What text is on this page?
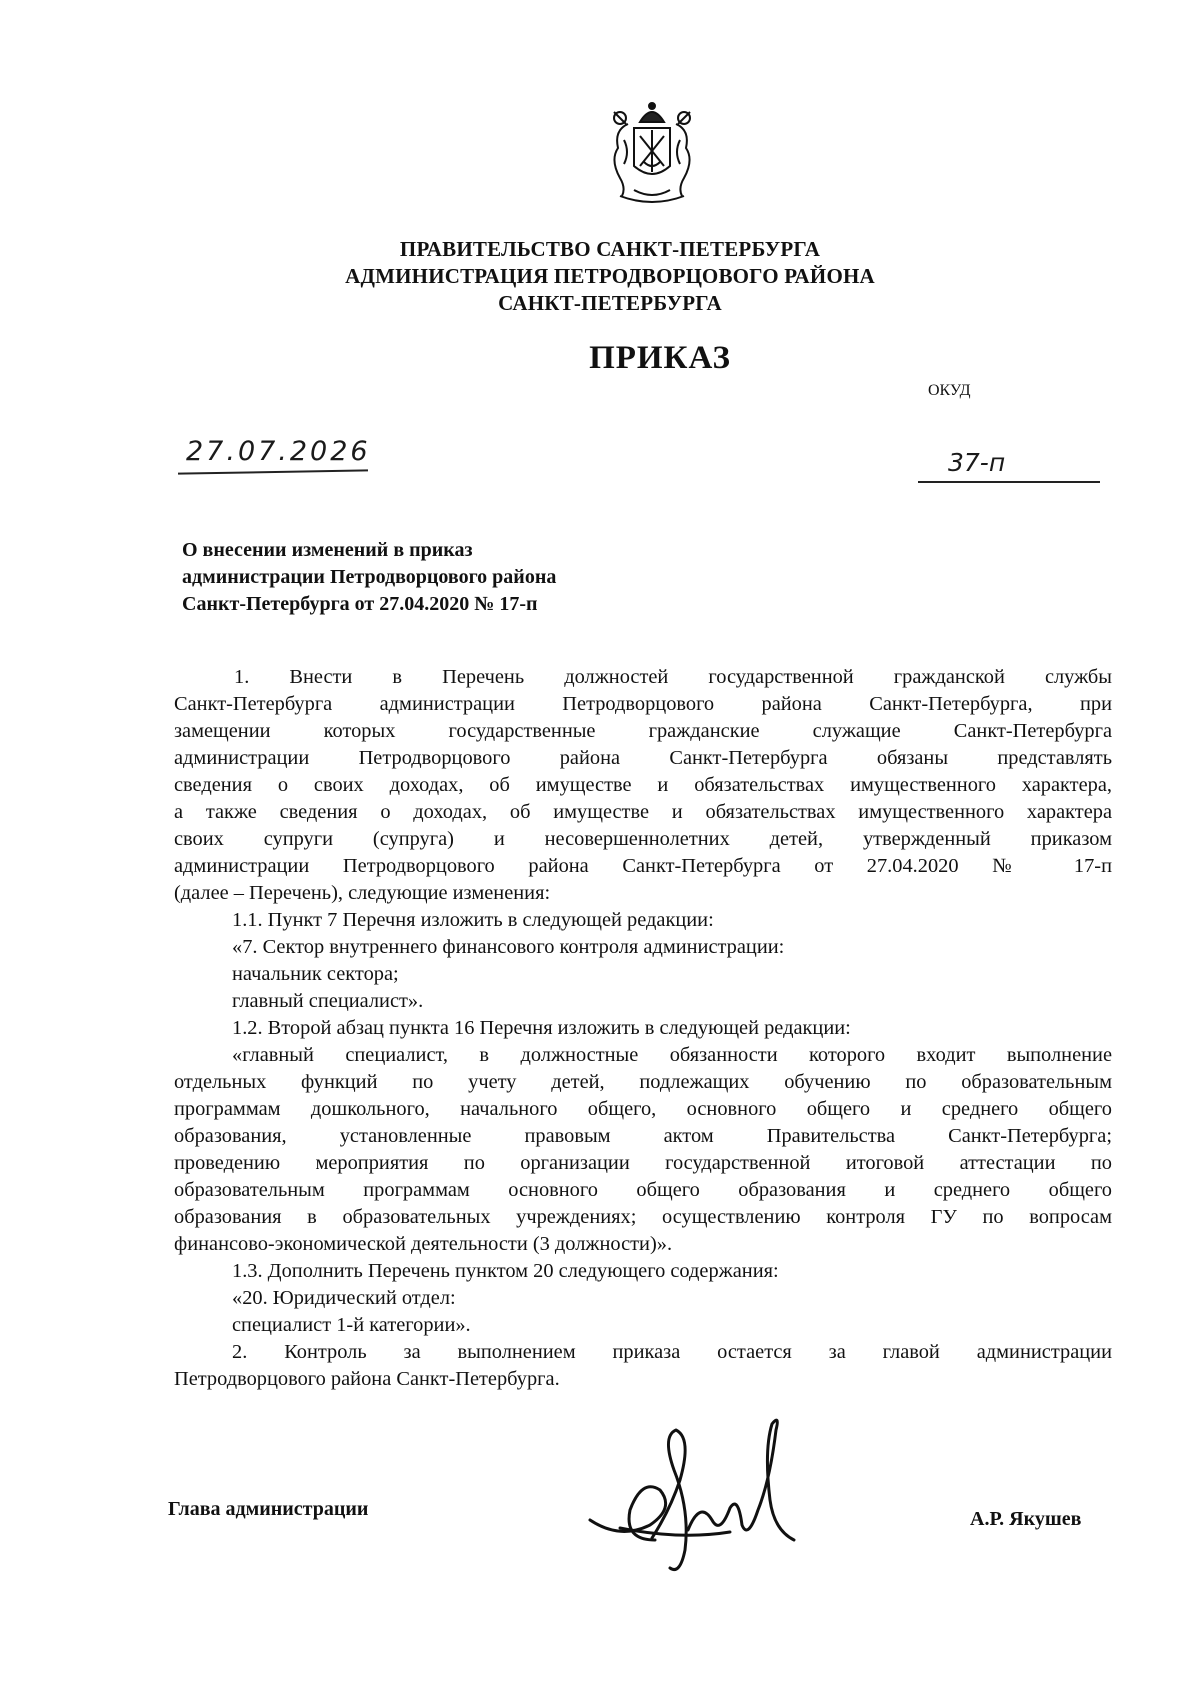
ПРАВИТЕЛЬСТВО САНКТ-ПЕТЕРБУРГА
АДМИНИСТРАЦИЯ ПЕТРОДВОРЦОВОГО РАЙОНА
САНКТ-ПЕТЕРБУРГА
ПРИКАЗ
ОКУД
27.07.2026	37-п
О внесении изменений в приказ
администрации Петродворцового района
Санкт-Петербурга от 27.04.2020 № 17-п
1. Внести в Перечень должностей государственной гражданской службы
Санкт-Петербурга администрации Петродворцового района Санкт-Петербурга, при
замещении которых государственные гражданские служащие Санкт-Петербурга
администрации Петродворцового района Санкт-Петербурга обязаны представлять
сведения о своих доходах, об имуществе и обязательствах имущественного характера,
а также сведения о доходах, об имуществе и обязательствах имущественного характера
своих супруги (супруга) и несовершеннолетних детей, утвержденный приказом
администрации Петродворцового района Санкт-Петербурга от 27.04.2020 № 17-п
(далее – Перечень), следующие изменения:
1.1. Пункт 7 Перечня изложить в следующей редакции:
«7. Сектор внутреннего финансового контроля администрации:
начальник сектора;
главный специалист».
1.2. Второй абзац пункта 16 Перечня изложить в следующей редакции:
«главный специалист, в должностные обязанности которого входит выполнение
отдельных функций по учету детей, подлежащих обучению по образовательным
программам дошкольного, начального общего, основного общего и среднего общего
образования, установленные правовым актом Правительства Санкт-Петербурга;
проведению мероприятия по организации государственной итоговой аттестации по
образовательным программам основного общего образования и среднего общего
образования в образовательных учреждениях; осуществлению контроля ГУ по вопросам
финансово-экономической деятельности (3 должности)».
1.3. Дополнить Перечень пунктом 20 следующего содержания:
«20. Юридический отдел:
специалист 1-й категории».
2. Контроль за выполнением приказа остается за главой администрации
Петродворцового района Санкт-Петербурга.
Глава администрации	А.Р. Якушев
